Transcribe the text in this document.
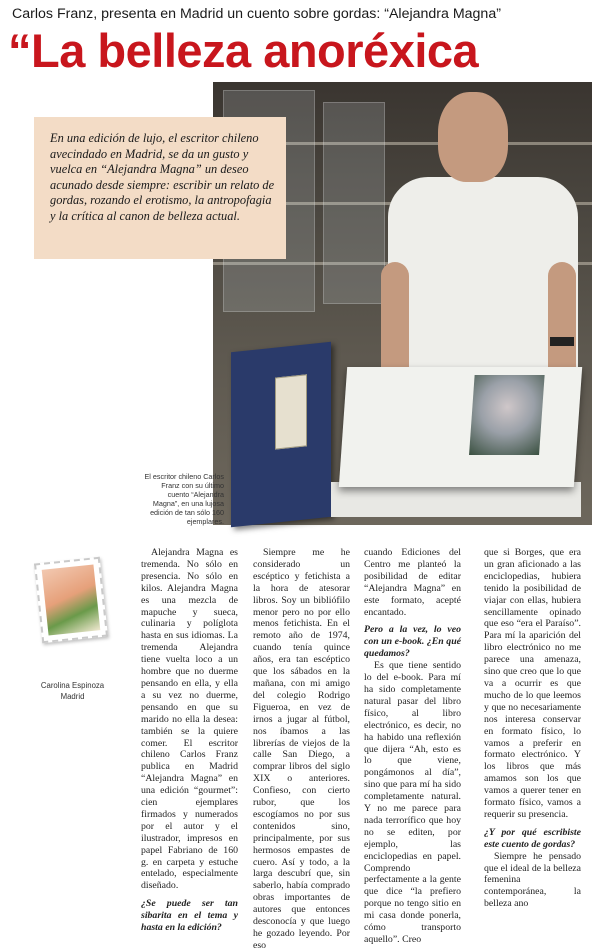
Carlos Franz, presenta en Madrid un cuento sobre gordas: “Alejandra Magna”
“La belleza anoréxica
En una edición de lujo, el escritor chileno avecindado en Madrid, se da un gusto y vuelca en “Alejandra Magna” un deseo acunado desde siempre: escribir un relato de gordas, rozando el erotismo, la antropofagia y la crítica al canon de belleza actual.
El escritor chileno Carlos Franz con su último cuento “Alejandra Magna”, en una lujosa edición de tan sólo 160 ejemplares.
Carolina Espinoza
Madrid

Alejandra Magna es tremenda. No sólo en presencia. No sólo en kilos. Alejandra Magna es una mezcla de mapuche y sueca, culinaria y políglota hasta en sus idiomas. La tremenda Alejandra tiene vuelta loco a un hombre que no duerme pensando en ella, y ella a su vez no duerme, pensando en que su marido no ella la desea: también se la quiere comer. El escritor chileno Carlos Franz publica en Madrid “Alejandra Magna” en una edición “gourmet”: cien ejemplares firmados y numerados por el autor y el ilustrador, impresos en papel Fabriano de 160 g. en carpeta y estuche entelado, especialmente diseñado.

¿Se puede ser tan sibarita en el tema y hasta en la edición?

Siempre me he considerado un escéptico y fetichista a la hora de atesorar libros. Soy un bibliófilo menor pero no por ello menos fetichista. En el remoto año de 1974, cuando tenía quince años, era tan escéptico que los sábados en la mañana, con mi amigo del colegio Rodrigo Figueroa, en vez de irnos a jugar al fútbol, nos íbamos a las librerías de viejos de la calle San Diego, a comprar libros del siglo XIX o anteriores. Confieso, con cierto rubor, que los escogíamos no por sus contenidos sino, principalmente, por sus hermosos empastes de cuero. Así y todo, a la larga descubrí que, sin saberlo, había comprado obras importantes de autores que entonces desconocía y que luego he gozado leyendo. Por eso

cuando Ediciones del Centro me planteó la posibilidad de editar “Alejandra Magna” en este formato, acepté encantado.

Pero a la vez, lo veo con un e-book. ¿En qué quedamos?

Es que tiene sentido lo del e-book. Para mí ha sido completamente natural pasar del libro físico, al libro electrónico, es decir, no ha habido una reflexión que dijera “Ah, esto es lo que viene, pongámonos al día”, sino que para mí ha sido completamente natural. Y no me parece para nada terrorífico que hoy no se editen, por ejemplo, las enciclopedias en papel. Comprendo perfectamente a la gente que dice “la prefiero porque no tengo sitio en mi casa donde ponerla, cómo transporto aquello”. Creo

que si Borges, que era un gran aficionado a las enciclopedias, hubiera tenido la posibilidad de viajar con ellas, hubiera sencillamente opinado que eso “era el Paraíso”. Para mí la aparición del libro electrónico no me parece una amenaza, sino que creo que lo que va a ocurrir es que mucho de lo que leemos y que no necesariamente nos interesa conservar en formato físico, lo vamos a preferir en formato electrónico. Y los libros que más amamos son los que vamos a querer tener en formato físico, vamos a requerir su presencia.

¿Y por qué escribiste este cuento de gordas?

Siempre he pensado que el ideal de la belleza femenina contemporánea, la belleza ano
